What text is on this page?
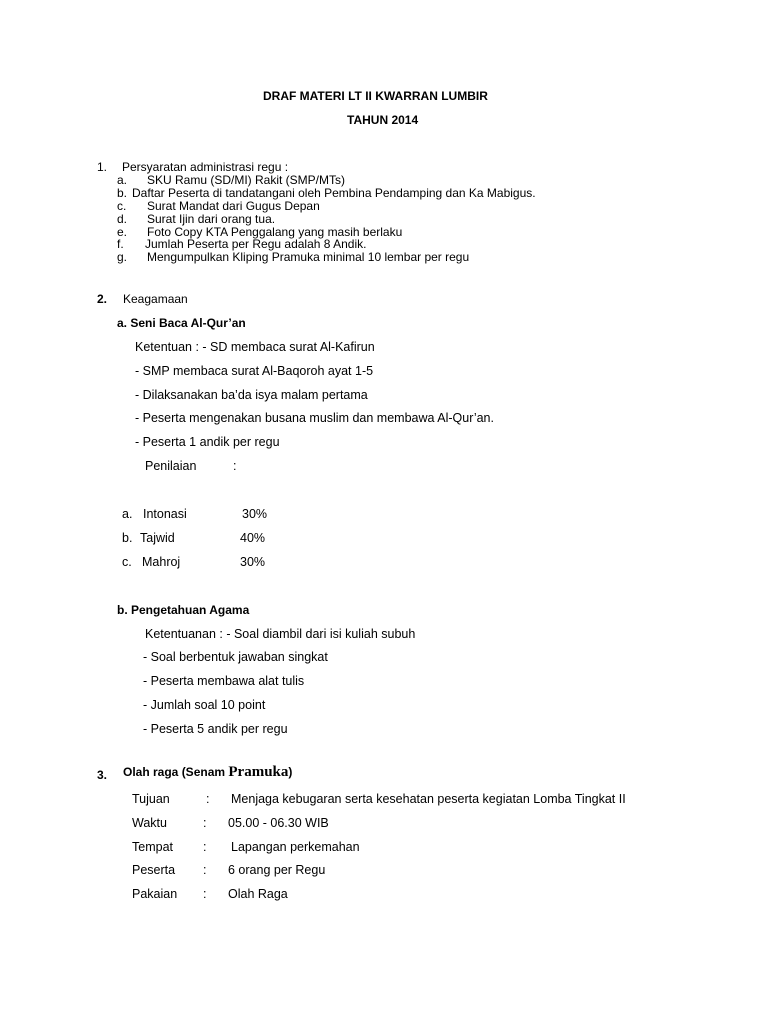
DRAF MATERI LT II KWARRAN LUMBIR
TAHUN 2014
1. Persyaratan administrasi regu :
a. SKU Ramu (SD/MI) Rakit (SMP/MTs)
b. Daftar Peserta di tandatangani oleh Pembina Pendamping dan Ka Mabigus.
c. Surat Mandat dari Gugus Depan
d. Surat Ijin dari orang tua.
e. Foto Copy KTA Penggalang yang masih berlaku
f. Jumlah Peserta per Regu adalah 8 Andik.
g. Mengumpulkan Kliping Pramuka minimal 10 lembar per regu
2. Keagamaan
a. Seni Baca Al-Qur’an
Ketentuan : - SD membaca surat Al-Kafirun
- SMP membaca surat Al-Baqoroh ayat 1-5
- Dilaksanakan ba’da isya malam pertama
- Peserta mengenakan busana muslim dan membawa Al-Qur’an.
- Peserta 1 andik per regu
Penilaian	:
a. Intonasi	30%
b. Tajwid	40%
c. Mahroj	30%
b. Pengetahuan Agama
Ketentuanan : - Soal diambil dari isi kuliah subuh
- Soal berbentuk jawaban singkat
- Peserta membawa alat tulis
- Jumlah soal 10 point
- Peserta 5 andik per regu
3. Olah raga (Senam Pramuka)
Tujuan	: Menjaga kebugaran serta kesehatan peserta kegiatan Lomba Tingkat II
Waktu	: 05.00 - 06.30 WIB
Tempat : Lapangan perkemahan
Peserta : 6 orang per Regu
Pakaian : Olah Raga
